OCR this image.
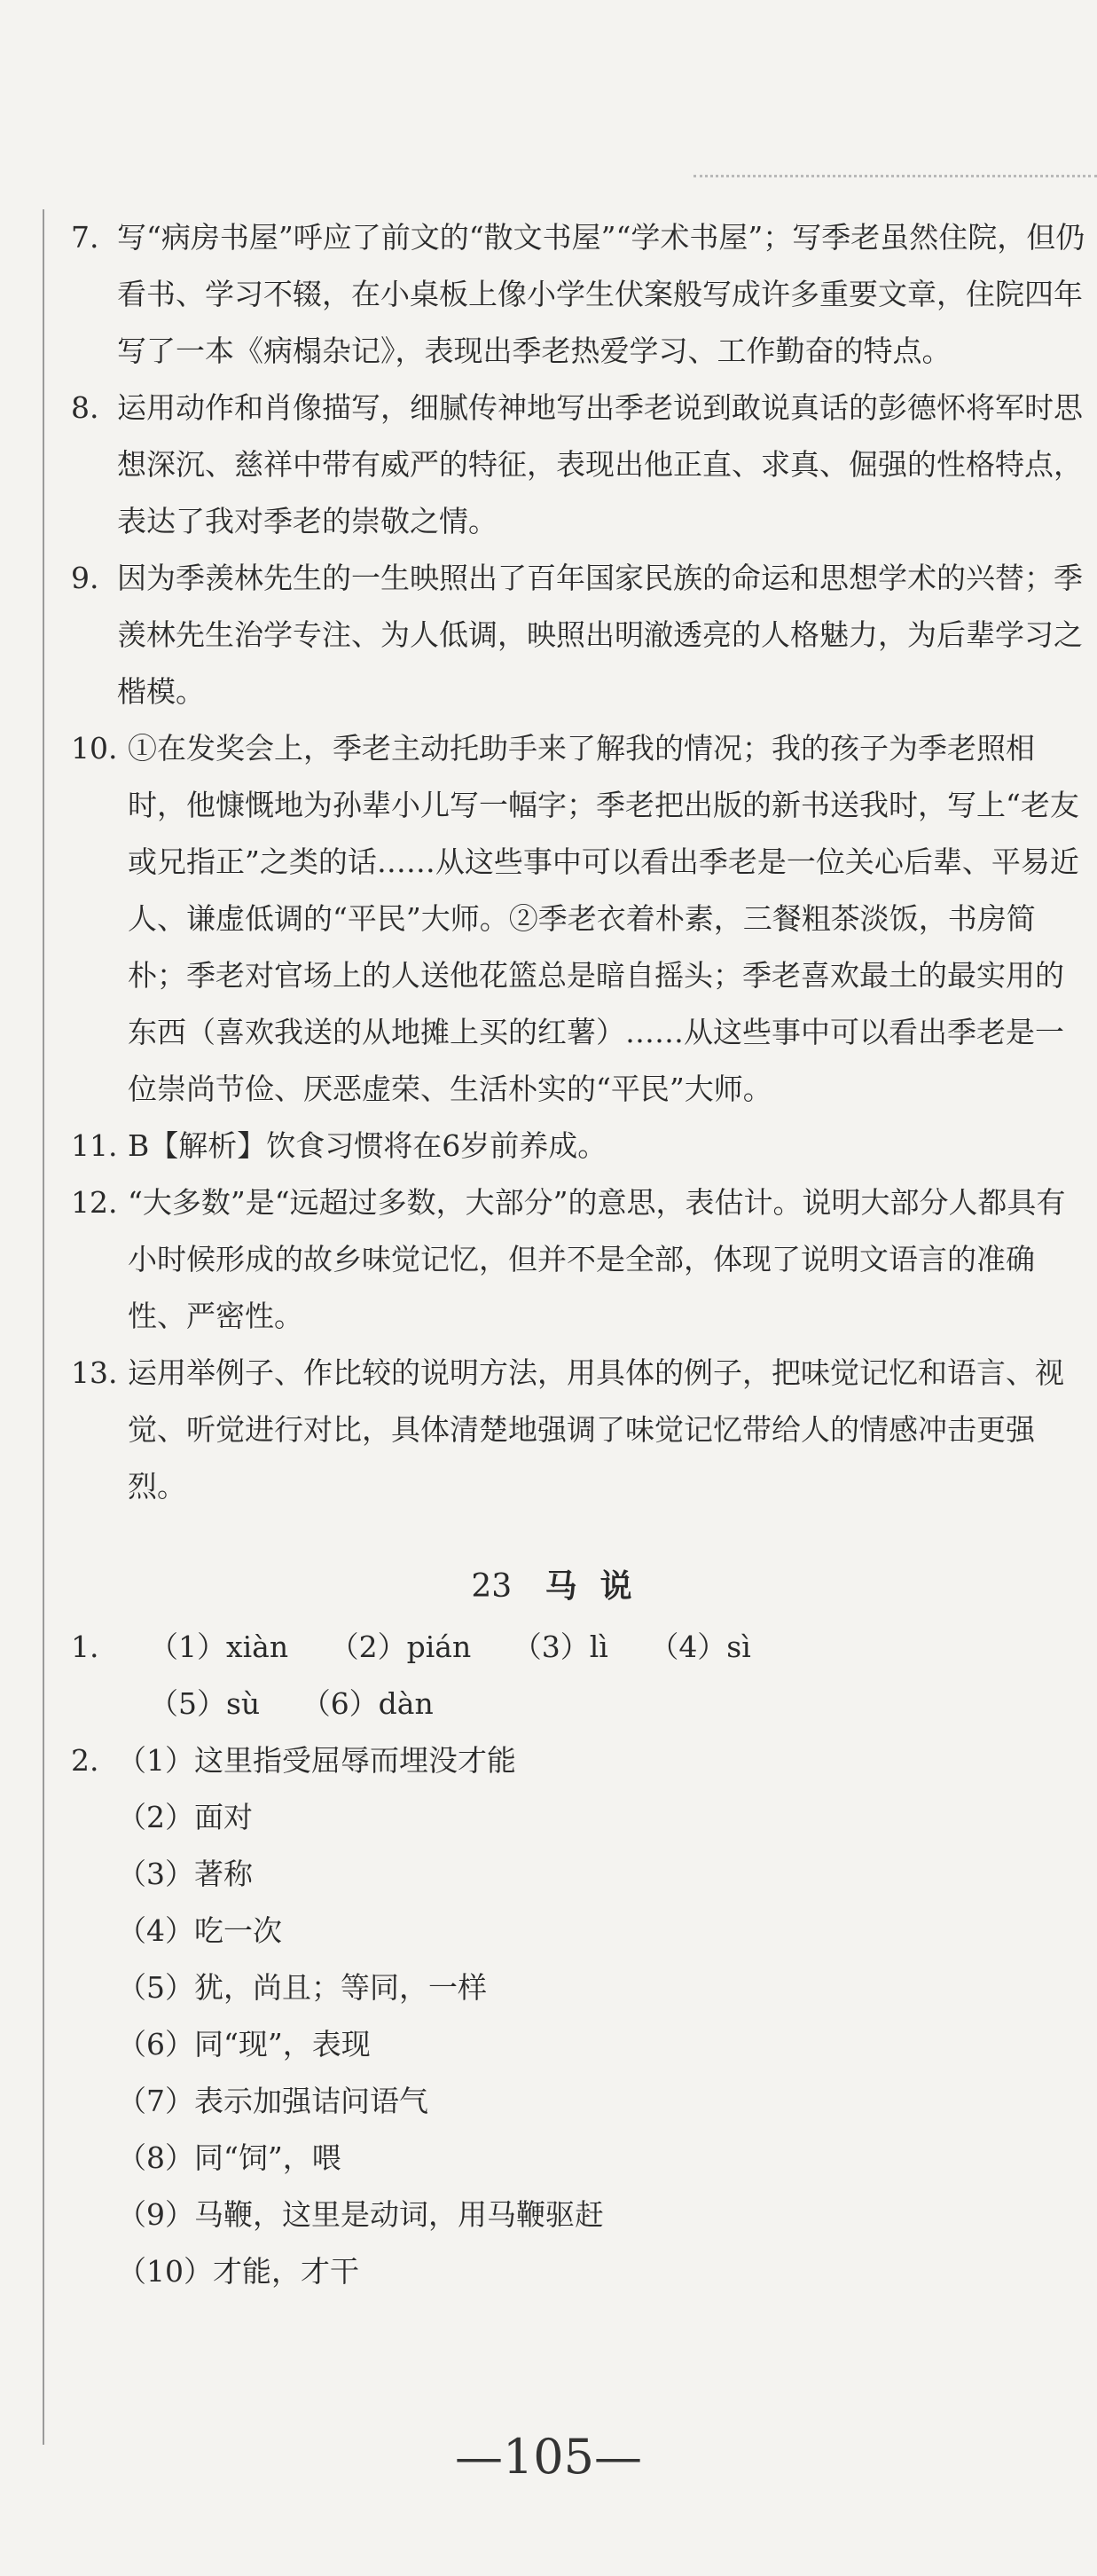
7. 写“病房书屋”呼应了前文的“散文书屋”“学术书屋”；写季老虽然住院，但仍看书、学习不辍，在小桌板上像小学生伏案般写成许多重要文章，住院四年写了一本《病榻杂记》，表现出季老热爱学习、工作勤奋的特点。
8. 运用动作和肖像描写，细腻传神地写出季老说到敢说真话的彭德怀将军时思想深沉、慈祥中带有威严的特征，表现出他正直、求真、倔强的性格特点，表达了我对季老的崇敬之情。
9. 因为季羡林先生的一生映照出了百年国家民族的命运和思想学术的兴替；季羡林先生治学专注、为人低调，映照出明澈透亮的人格魅力，为后辈学习之楷模。
10. ①在发奖会上，季老主动托助手来了解我的情况；我的孩子为季老照相时，他慷慨地为孙辈小儿写一幅字；季老把出版的新书送我时，写上“老友或兄指正”之类的话……从这些事中可以看出季老是一位关心后辈、平易近人、谦虚低调的“平民”大师。②季老衣着朴素，三餐粗茶淡饭，书房简朴；季老对官场上的人送他花篮总是暗自摇头；季老喜欢最土的最实用的东西（喜欢我送的从地摊上买的红薯）……从这些事中可以看出季老是一位崇尚节俭、厌恶虚荣、生活朴实的“平民”大师。
11. B【解析】饮食习惯将在6岁前养成。
12. “大多数”是“远超过多数，大部分”的意思，表估计。说明大部分人都具有小时候形成的故乡味觉记忆，但并不是全部，体现了说明文语言的准确性、严密性。
13. 运用举例子、作比较的说明方法，用具体的例子，把味觉记忆和语言、视觉、听觉进行对比，具体清楚地强调了味觉记忆带给人的情感冲击更强烈。
23 马说
1.	（1）xiàn （2）pián （3）lì （4）sì
（5）sù （6）dàn
2. （1）这里指受屈辱而埋没才能
（2）面对
（3）著称
（4）吃一次
（5）犹，尚且；等同，一样
（6）同“现”，表现
（7）表示加强诘问语气
（8）同“饲”，喂
（9）马鞭，这里是动词，用马鞭驱赶
（10）才能，才干
—105—
